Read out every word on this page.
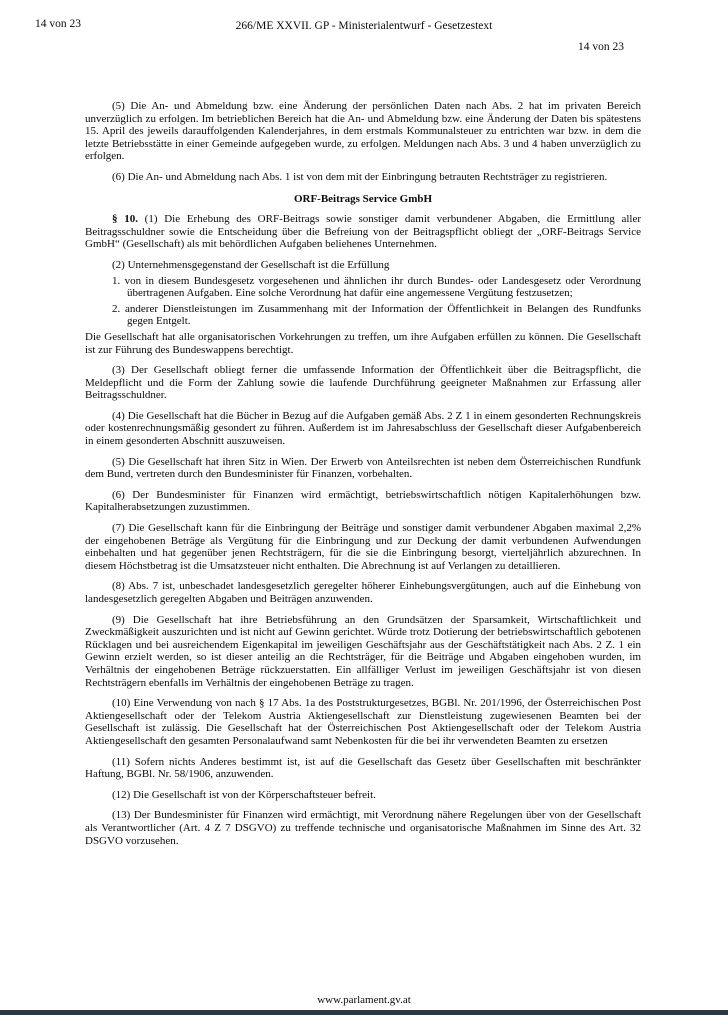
14 von 23	266/ME XXVII. GP - Ministerialentwurf - Gesetzestext
14 von 23

(5) Die An- und Abmeldung bzw. eine Änderung der persönlichen Daten nach Abs. 2 hat im privaten Bereich unverzüglich zu erfolgen. Im betrieblichen Bereich hat die An- und Abmeldung bzw. eine Änderung der Daten bis spätestens 15. April des jeweils darauffolgenden Kalenderjahres, in dem erstmals Kommunalsteuer zu entrichten war bzw. in dem die letzte Betriebsstätte in einer Gemeinde aufgegeben wurde, zu erfolgen. Meldungen nach Abs. 3 und 4 haben unverzüglich zu erfolgen.

(6) Die An- und Abmeldung nach Abs. 1 ist von dem mit der Einbringung betrauten Rechtsträger zu registrieren.

ORF-Beitrags Service GmbH

§ 10. (1) Die Erhebung des ORF-Beitrags sowie sonstiger damit verbundener Abgaben, die Ermittlung aller Beitragsschuldner sowie die Entscheidung über die Befreiung von der Beitragspflicht obliegt der „ORF-Beitrags Service GmbH“ (Gesellschaft) als mit behördlichen Aufgaben beliehenes Unternehmen.

(2) Unternehmensgegenstand der Gesellschaft ist die Erfüllung

1. von in diesem Bundesgesetz vorgesehenen und ähnlichen ihr durch Bundes- oder Landesgesetz oder Verordnung übertragenen Aufgaben. Eine solche Verordnung hat dafür eine angemessene Vergütung festzusetzen;

2. anderer Dienstleistungen im Zusammenhang mit der Information der Öffentlichkeit in Belangen des Rundfunks gegen Entgelt.

Die Gesellschaft hat alle organisatorischen Vorkehrungen zu treffen, um ihre Aufgaben erfüllen zu können. Die Gesellschaft ist zur Führung des Bundeswappens berechtigt.

(3) Der Gesellschaft obliegt ferner die umfassende Information der Öffentlichkeit über die Beitragspflicht, die Meldepflicht und die Form der Zahlung sowie die laufende Durchführung geeigneter Maßnahmen zur Erfassung aller Beitragsschuldner.

(4) Die Gesellschaft hat die Bücher in Bezug auf die Aufgaben gemäß Abs. 2 Z 1 in einem gesonderten Rechnungskreis oder kostenrechnungsmäßig gesondert zu führen. Außerdem ist im Jahresabschluss der Gesellschaft dieser Aufgabenbereich in einem gesonderten Abschnitt auszuweisen.

(5) Die Gesellschaft hat ihren Sitz in Wien. Der Erwerb von Anteilsrechten ist neben dem Österreichischen Rundfunk dem Bund, vertreten durch den Bundesminister für Finanzen, vorbehalten.

(6) Der Bundesminister für Finanzen wird ermächtigt, betriebswirtschaftlich nötigen Kapitalerhöhungen bzw. Kapitalherabsetzungen zuzustimmen.

(7) Die Gesellschaft kann für die Einbringung der Beiträge und sonstiger damit verbundener Abgaben maximal 2,2% der eingehobenen Beträge als Vergütung für die Einbringung und zur Deckung der damit verbundenen Aufwendungen einbehalten und hat gegenüber jenen Rechtsträgern, für die sie die Einbringung besorgt, vierteljährlich abzurechnen. In diesem Höchstbetrag ist die Umsatzsteuer nicht enthalten. Die Abrechnung ist auf Verlangen zu detaillieren.

(8) Abs. 7 ist, unbeschadet landesgesetzlich geregelter höherer Einhebungsvergütungen, auch auf die Einhebung von landesgesetzlich geregelten Abgaben und Beiträgen anzuwenden.

(9) Die Gesellschaft hat ihre Betriebsführung an den Grundsätzen der Sparsamkeit, Wirtschaftlichkeit und Zweckmäßigkeit auszurichten und ist nicht auf Gewinn gerichtet. Würde trotz Dotierung der betriebswirtschaftlich gebotenen Rücklagen und bei ausreichendem Eigenkapital im jeweiligen Geschäftsjahr aus der Geschäftstätigkeit nach Abs. 2 Z. 1 ein Gewinn erzielt werden, so ist dieser anteilig an die Rechtsträger, für die Beiträge und Abgaben eingehoben wurden, im Verhältnis der eingehobenen Beträge rückzuerstatten. Ein allfälliger Verlust im jeweiligen Geschäftsjahr ist von diesen Rechtsträgern ebenfalls im Verhältnis der eingehobenen Beträge zu tragen.

(10) Eine Verwendung von nach § 17 Abs. 1a des Poststrukturgesetzes, BGBl. Nr. 201/1996, der Österreichischen Post Aktiengesellschaft oder der Telekom Austria Aktiengesellschaft zur Dienstleistung zugewiesenen Beamten bei der Gesellschaft ist zulässig. Die Gesellschaft hat der Österreichischen Post Aktiengesellschaft oder der Telekom Austria Aktiengesellschaft den gesamten Personalaufwand samt Nebenkosten für die bei ihr verwendeten Beamten zu ersetzen

(11) Sofern nichts Anderes bestimmt ist, ist auf die Gesellschaft das Gesetz über Gesellschaften mit beschränkter Haftung, BGBl. Nr. 58/1906, anzuwenden.

(12) Die Gesellschaft ist von der Körperschaftsteuer befreit.

(13) Der Bundesminister für Finanzen wird ermächtigt, mit Verordnung nähere Regelungen über von der Gesellschaft als Verantwortlicher (Art. 4 Z 7 DSGVO) zu treffende technische und organisatorische Maßnahmen im Sinne des Art. 32 DSGVO vorzusehen.

www.parlament.gv.at
